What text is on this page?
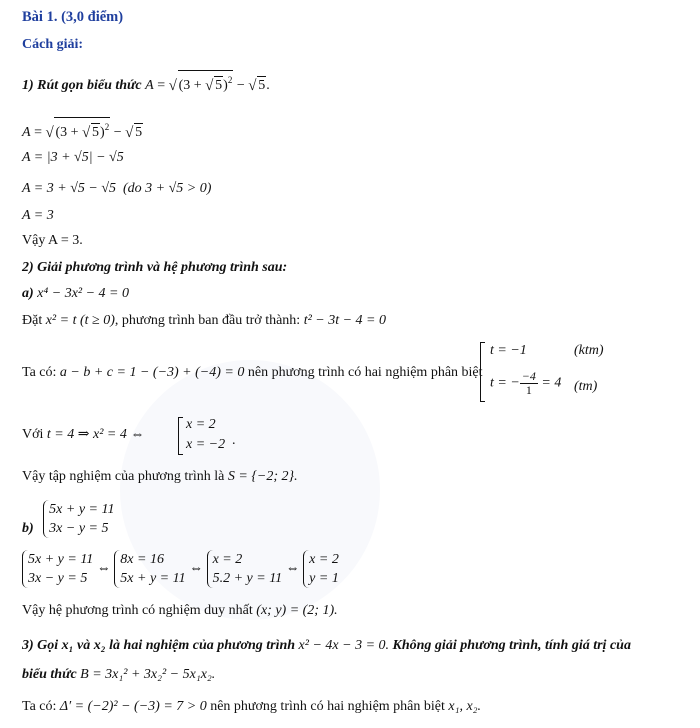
Bài 1. (3,0 điểm)
Cách giải:
1) Rút gọn biểu thức A = √ (3 + √ 5)$^2$ − √ 5.
A = √ (3 + √ 5)$^2$ − √ 5
A = |3 + √5| − √5
A = 3 + √5 − √5 (do 3 + √5 > 0)
A = 3
Vậy A = 3.
2) Giải phương trình và hệ phương trình sau:
a) x⁴ − 3x² − 4 = 0
Đặt x² = t (t ≥ 0), phương trình ban đầu trở thành: t² − 3t − 4 = 0
Ta có: a − b + c = 1 − (−3) + (−4) = 0 nên phương trình có hai nghiệm phân biệt
t = −1	(ktm)
t = − $\frac{-4}{1} = 4$ (tm)
Với t = 4 ⇒ x² = 4 ⇔
x = 2
x = −2 .
Vậy tập nghiệm của phương trình là S = {−2; 2}.
b) 5x + y = 11
3x − y = 5
5x + y = 11
3x − y = 5 ⇔ 8x = 16
5x + y = 11 ⇔ x = 2
5.2 + y = 11 ⇔ x = 2
y = 1
Vậy hệ phương trình có nghiệm duy nhất (x; y) = (2; 1).
3) Gọi x₁ và x₂ là hai nghiệm của phương trình x² − 4x − 3 = 0. Không giải phương trình, tính giá trị của
biểu thức B = 3x₁² + 3x₂² − 5x₁x₂.
Ta có: Δ′ = (−2)² − (−3) = 7 > 0 nên phương trình có hai nghiệm phân biệt x₁, x₂.
